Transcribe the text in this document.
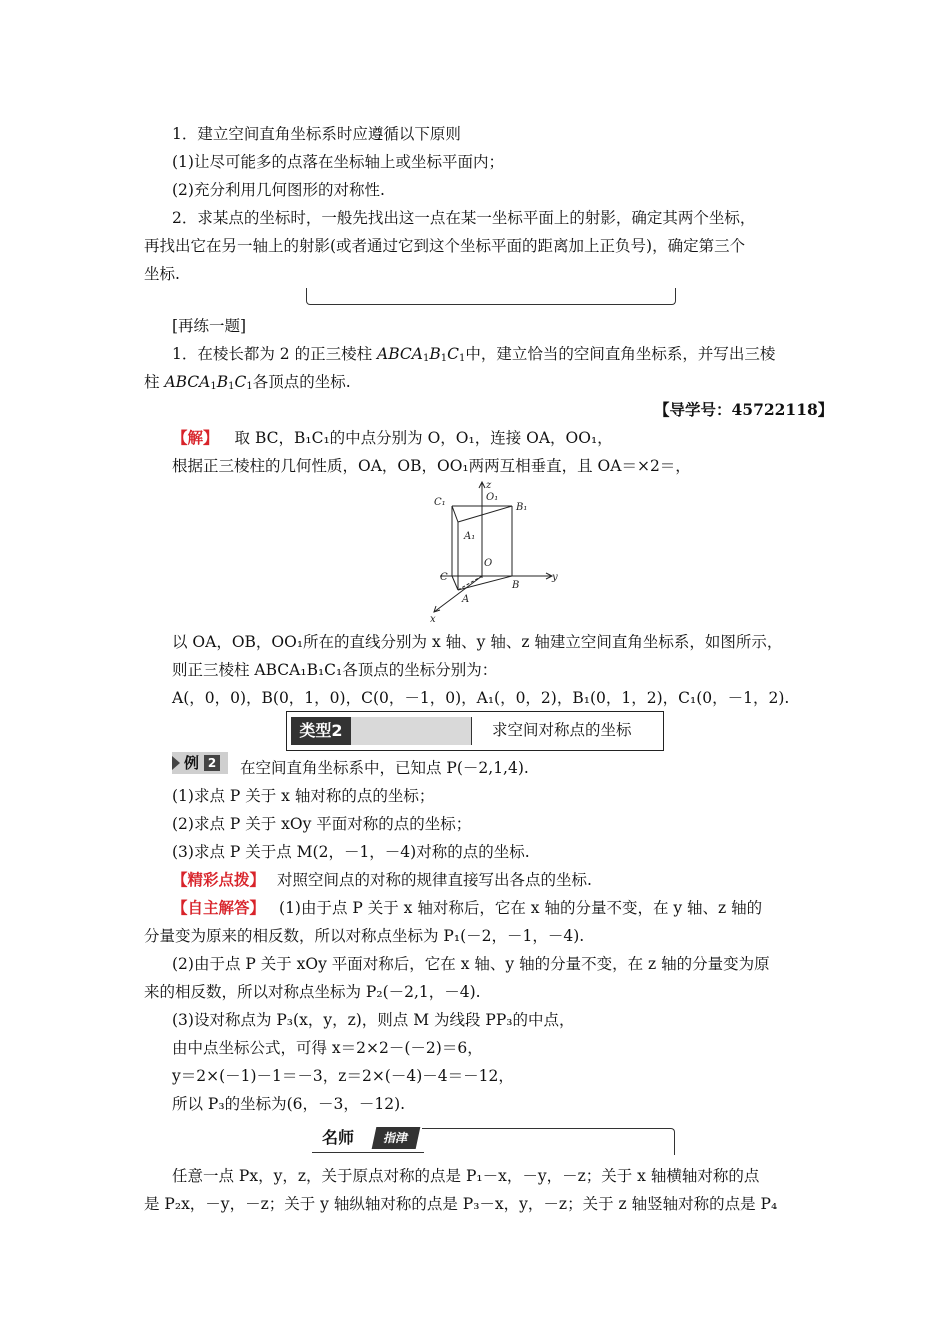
1．建立空间直角坐标系时应遵循以下原则
(1)让尽可能多的点落在坐标轴上或坐标平面内；
(2)充分利用几何图形的对称性.
2．求某点的坐标时，一般先找出这一点在某一坐标平面上的射影，确定其两个坐标，
再找出它在另一轴上的射影(或者通过它到这个坐标平面的距离加上正负号)，确定第三个
坐标.
[再练一题]
1．在棱长都为 2 的正三棱柱 $ABCA_1B_1C_1$中，建立恰当的空间直角坐标系，并写出三棱
柱 $ABCA_1B_1C_1$各顶点的坐标.
【导学号：45722118】
【解】 取 BC，B₁C₁的中点分别为 O，O₁，连接 OA，OO₁，
根据正三棱柱的几何性质，OA，OB，OO₁两两互相垂直，且 OA＝×2＝，
z
y
x
O₁
B₁
C₁
A₁
O
C
B
A
以 OA，OB，OO₁所在的直线分别为 x 轴、y 轴、z 轴建立空间直角坐标系，如图所示，
则正三棱柱 ABCA₁B₁C₁各顶点的坐标分别为：
A(，0，0)，B(0，1，0)，C(0，－1，0)，A₁(，0，2)，B₁(0，1，2)，C₁(0，－1，2).
类型2	求空间对称点的坐标
例 2 在空间直角坐标系中，已知点 P(－2,1,4).
(1)求点 P 关于 x 轴对称的点的坐标；
(2)求点 P 关于 xOy 平面对称的点的坐标；
(3)求点 P 关于点 M(2，－1，－4)对称的点的坐标.
【精彩点拨】 对照空间点的对称的规律直接写出各点的坐标.
【自主解答】 (1)由于点 P 关于 x 轴对称后，它在 x 轴的分量不变，在 y 轴、z 轴的
分量变为原来的相反数，所以对称点坐标为 P₁(－2，－1，－4).
(2)由于点 P 关于 xOy 平面对称后，它在 x 轴、y 轴的分量不变，在 z 轴的分量变为原
来的相反数，所以对称点坐标为 P₂(－2,1，－4).
(3)设对称点为 P₃(x，y，z)，则点 M 为线段 PP₃的中点，
由中点坐标公式，可得 x＝2×2－(－2)＝6，
y＝2×(－1)－1＝－3，z＝2×(－4)－4＝－12，
所以 P₃的坐标为(6，－3，－12).
名师	指津
任意一点 Px，y，z，关于原点对称的点是 P₁－x，－y，－z；关于 x 轴横轴对称的点
是 P₂x，－y，－z；关于 y 轴纵轴对称的点是 P₃－x，y，－z；关于 z 轴竖轴对称的点是 P₄
